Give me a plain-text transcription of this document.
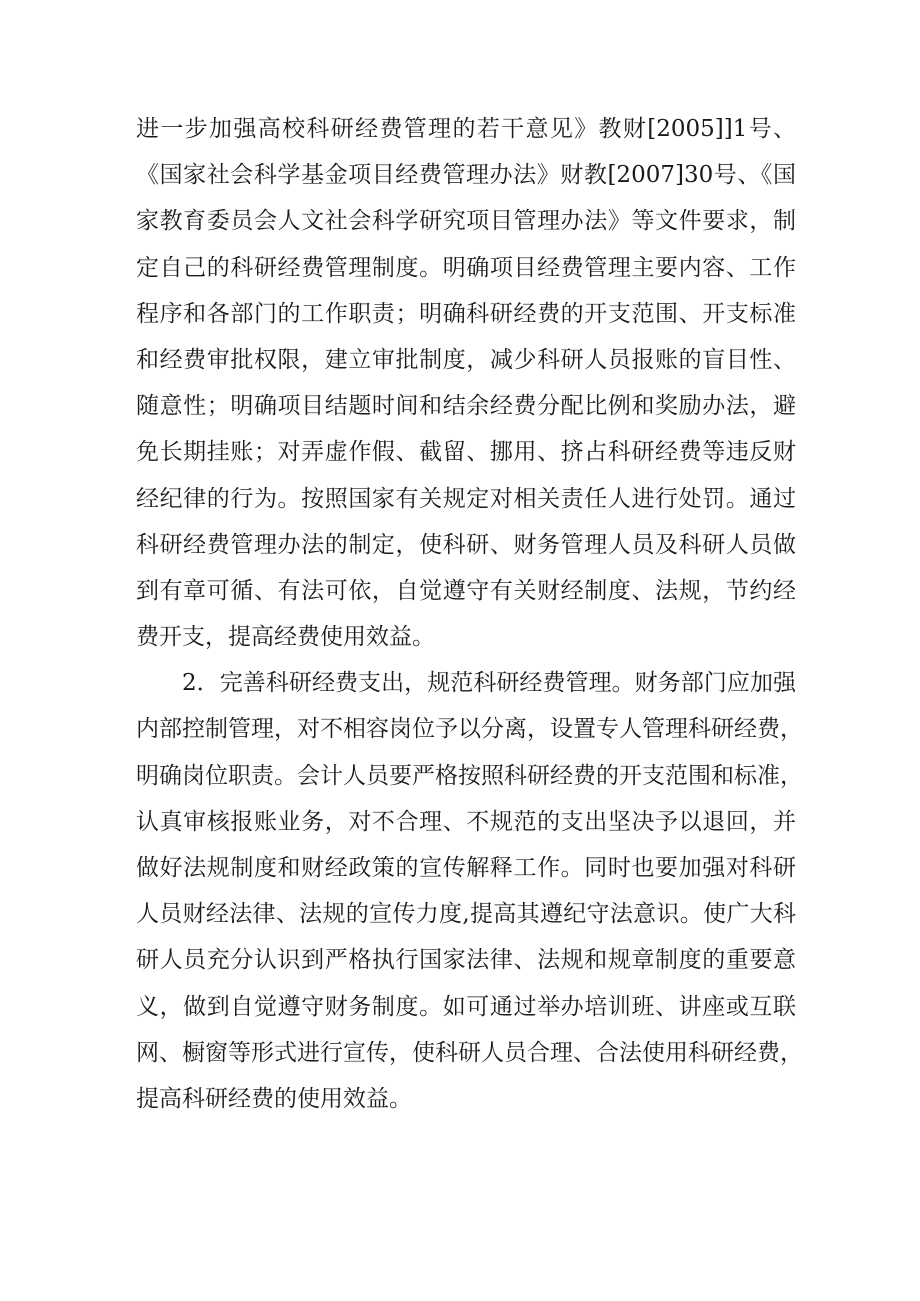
进一步加强高校科研经费管理的若干意见》教财[2005]]1号、
《国家社会科学基金项目经费管理办法》财教[2007]30号、《国
家教育委员会人文社会科学研究项目管理办法》等文件要求，制
定自己的科研经费管理制度。明确项目经费管理主要内容、工作
程序和各部门的工作职责；明确科研经费的开支范围、开支标准
和经费审批权限，建立审批制度，减少科研人员报账的盲目性、
随意性；明确项目结题时间和结余经费分配比例和奖励办法，避
免长期挂账；对弄虚作假、截留、挪用、挤占科研经费等违反财
经纪律的行为。按照国家有关规定对相关责任人进行处罚。通过
科研经费管理办法的制定，使科研、财务管理人员及科研人员做
到有章可循、有法可依，自觉遵守有关财经制度、法规，节约经
费开支，提高经费使用效益。
2．完善科研经费支出，规范科研经费管理。财务部门应加强
内部控制管理，对不相容岗位予以分离，设置专人管理科研经费，
明确岗位职责。会计人员要严格按照科研经费的开支范围和标准，
认真审核报账业务，对不合理、不规范的支出坚决予以退回，并
做好法规制度和财经政策的宣传解释工作。同时也要加强对科研
人员财经法律、法规的宣传力度,提高其遵纪守法意识。使广大科
研人员充分认识到严格执行国家法律、法规和规章制度的重要意
义，做到自觉遵守财务制度。如可通过举办培训班、讲座或互联
网、橱窗等形式进行宣传，使科研人员合理、合法使用科研经费，
提高科研经费的使用效益。
